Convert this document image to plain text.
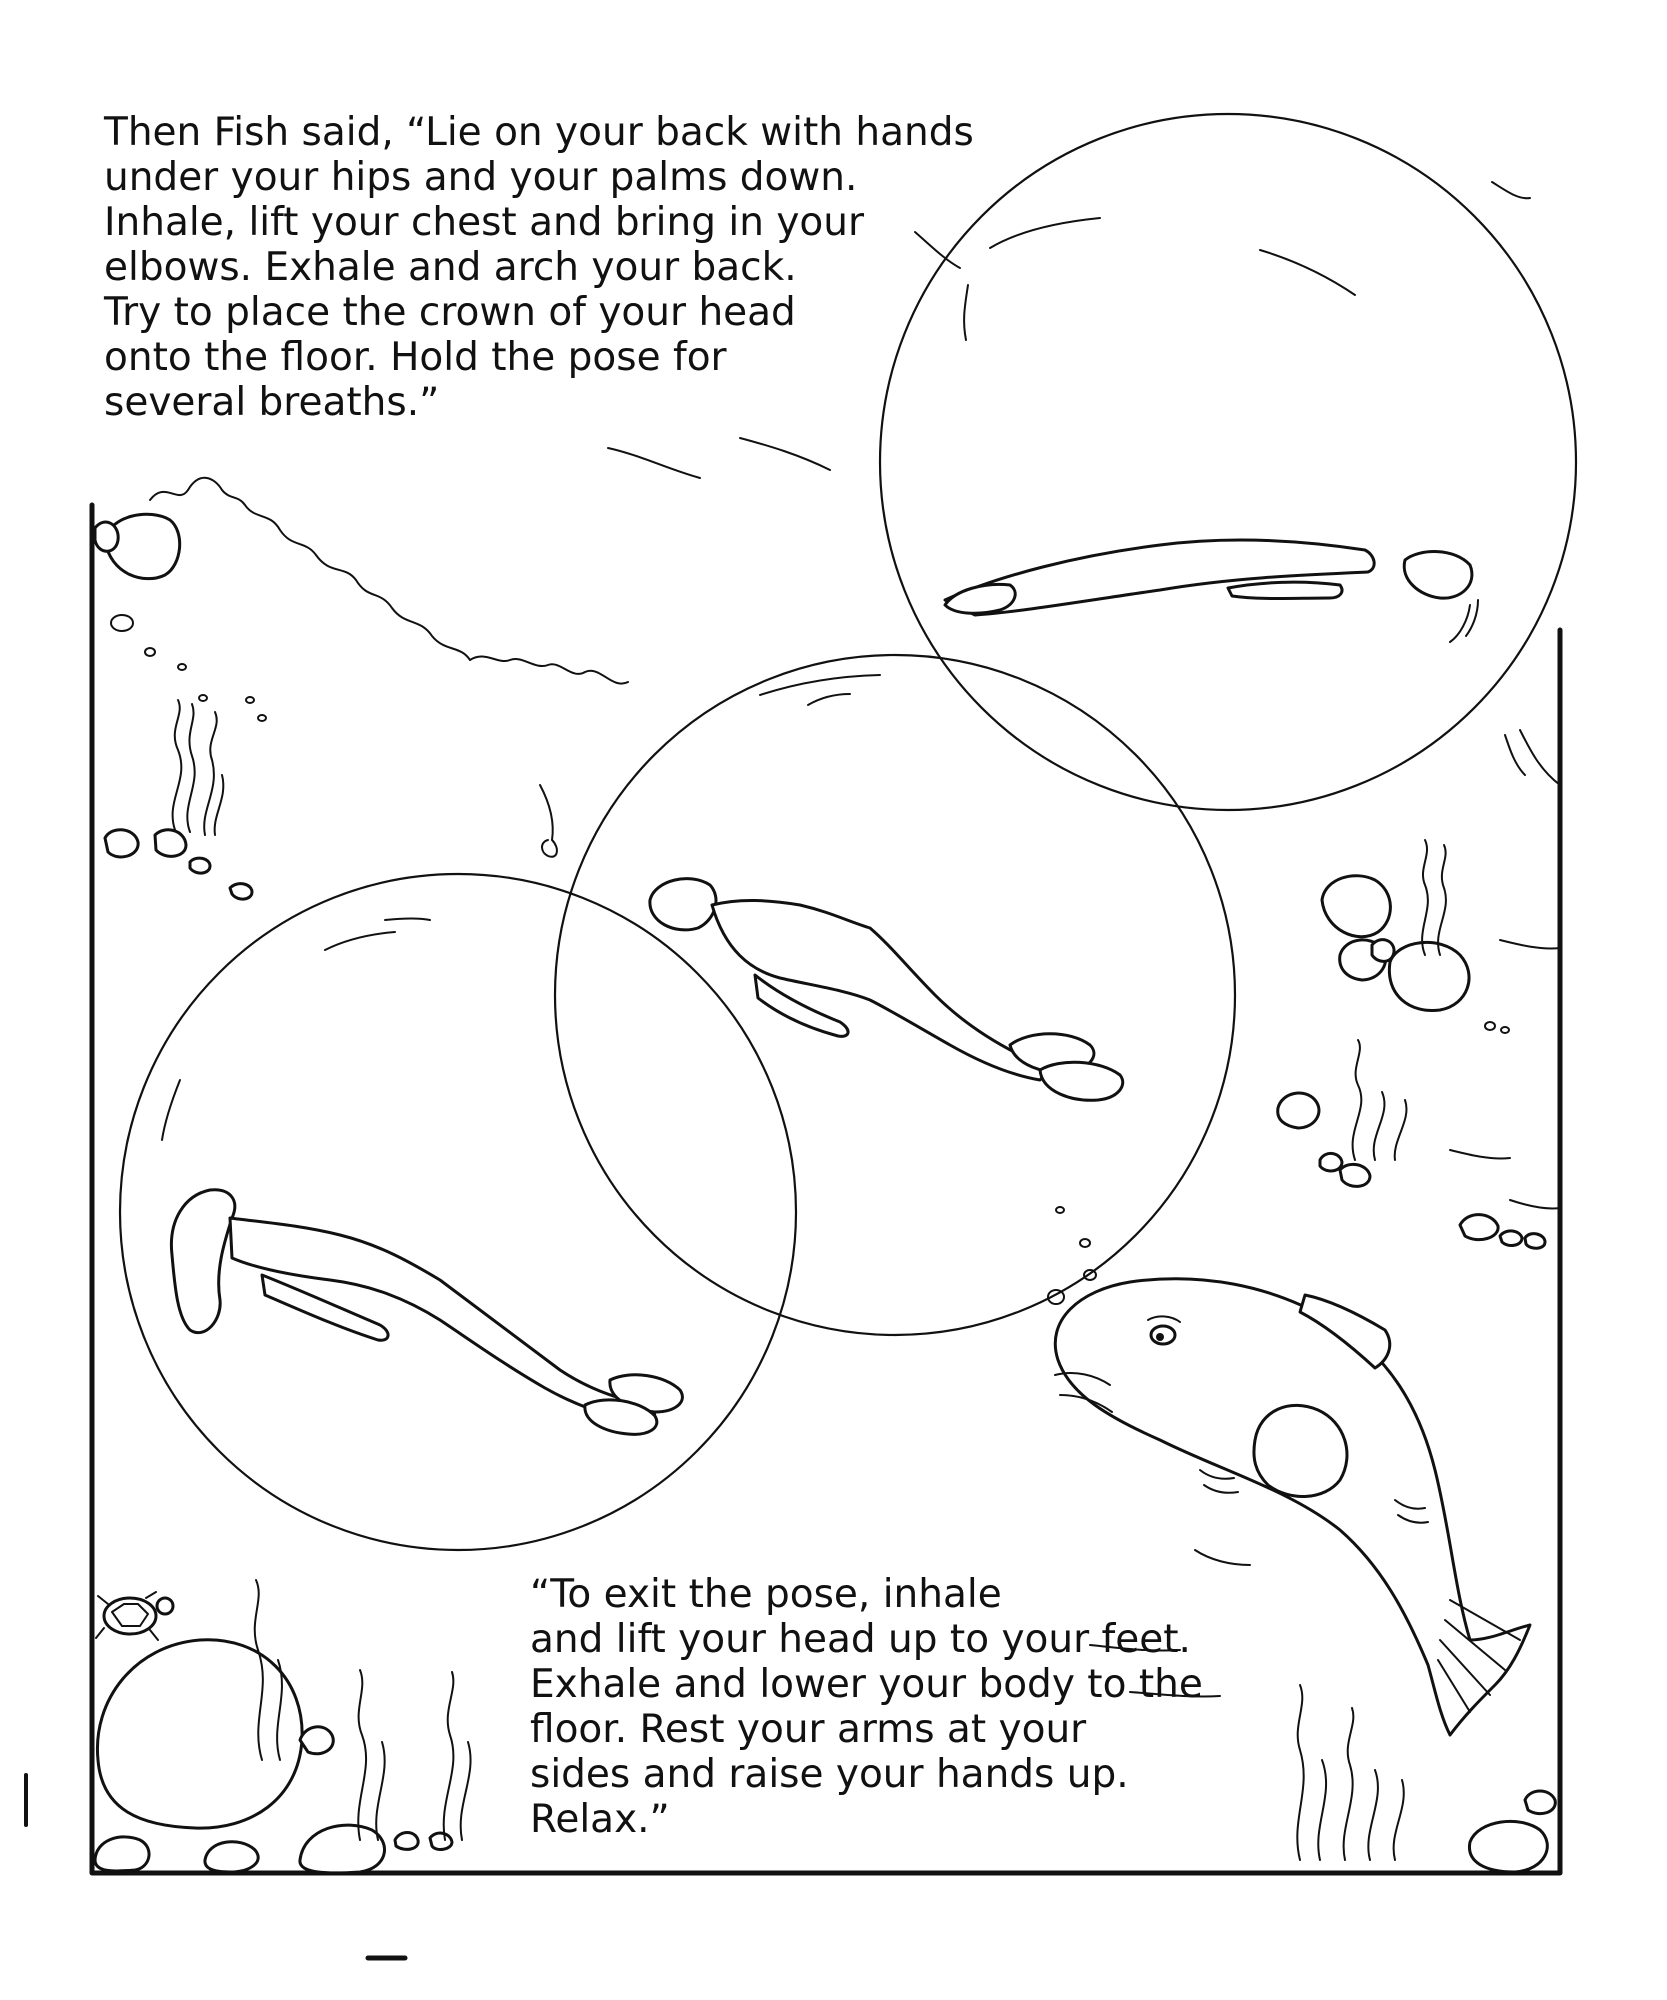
Then Fish said, “Lie on your back with hands
under your hips and your palms down.
Inhale, lift your chest and bring in your
elbows. Exhale and arch your back.
Try to place the crown of your head
onto the floor. Hold the pose for
several breaths.”
“To exit the pose, inhale
and lift your head up to your feet.
Exhale and lower your body to the
floor. Rest your arms at your
sides and raise your hands up.
Relax.”
